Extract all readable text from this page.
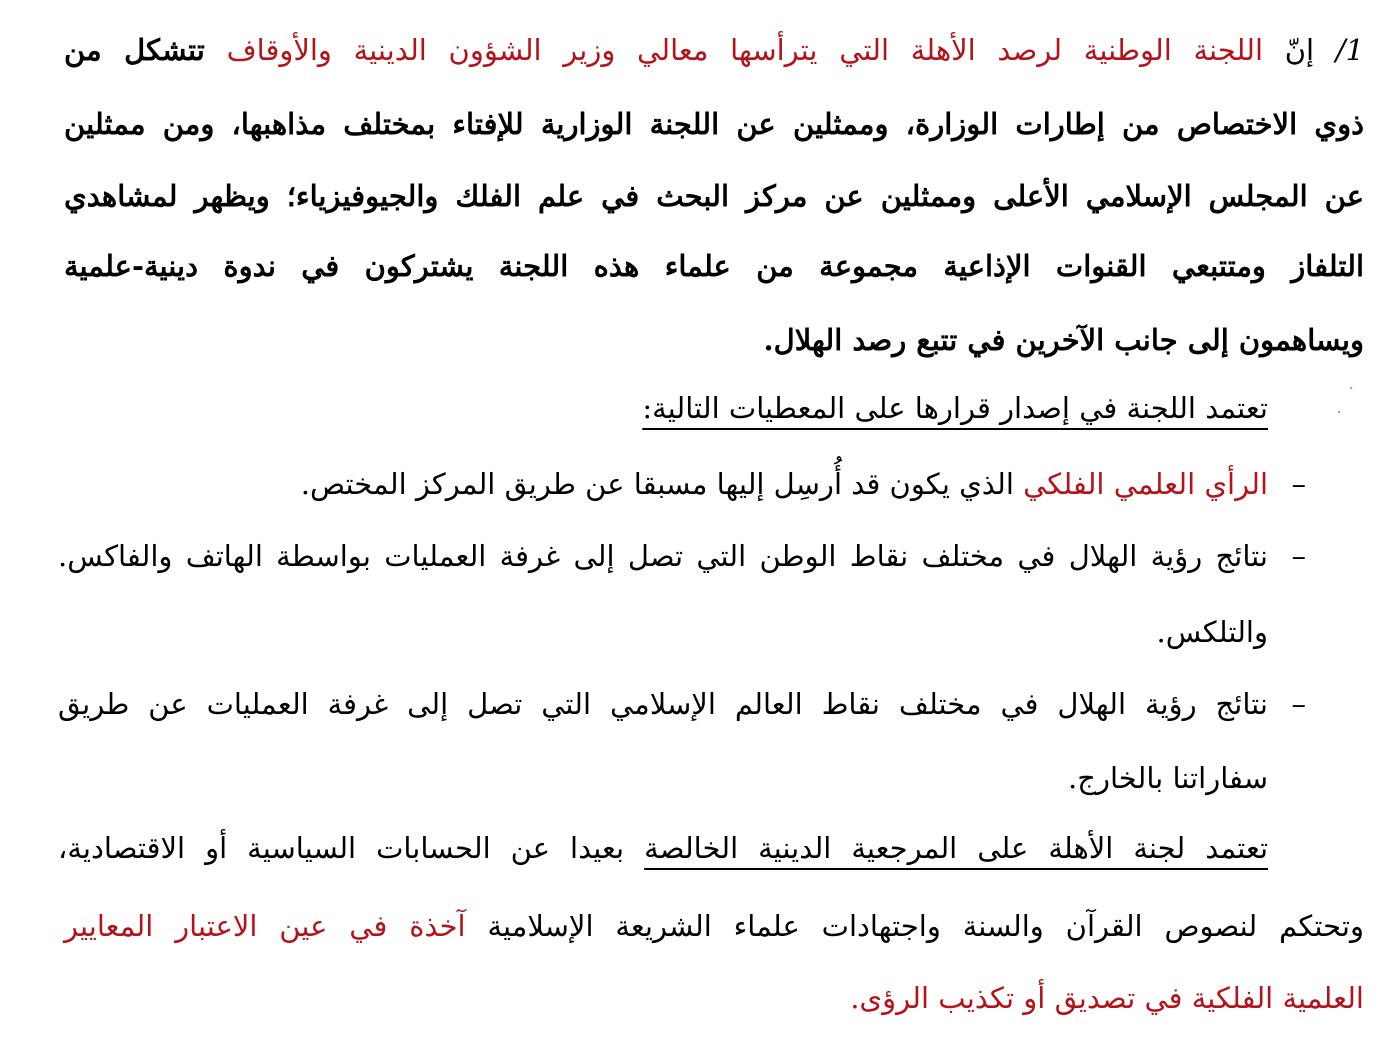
1/ إنّ اللجنة الوطنية لرصد الأهلة التي يترأسها معالي وزير الشؤون الدينية والأوقاف تتشكل من
ذوي الاختصاص من إطارات الوزارة، وممثلين عن اللجنة الوزارية للإفتاء بمختلف مذاهبها، ومن ممثلين
عن المجلس الإسلامي الأعلى وممثلين عن مركز البحث في علم الفلك والجيوفيزياء؛ ويظهر لمشاهدي
التلفاز ومتتبعي القنوات الإذاعية مجموعة من علماء هذه اللجنة يشتركون في ندوة دينية-علمية
ويساهمون إلى جانب الآخرين في تتبع رصد الهلال.
تعتمد اللجنة في إصدار قرارها على المعطيات التالية:
–
الرأي العلمي الفلكي الذي يكون قد أُرسِل إليها مسبقا عن طريق المركز المختص.
–
نتائج رؤية الهلال في مختلف نقاط الوطن التي تصل إلى غرفة العمليات بواسطة الهاتف والفاكس.
والتلكس.
–
نتائج رؤية الهلال في مختلف نقاط العالم الإسلامي التي تصل إلى غرفة العمليات عن طريق
سفاراتنا بالخارج.
تعتمد لجنة الأهلة على المرجعية الدينية الخالصة بعيدا عن الحسابات السياسية أو الاقتصادية،
وتحتكم لنصوص القرآن والسنة واجتهادات علماء الشريعة الإسلامية آخذة في عين الاعتبار المعايير
العلمية الفلكية في تصديق أو تكذيب الرؤى.
·
·
